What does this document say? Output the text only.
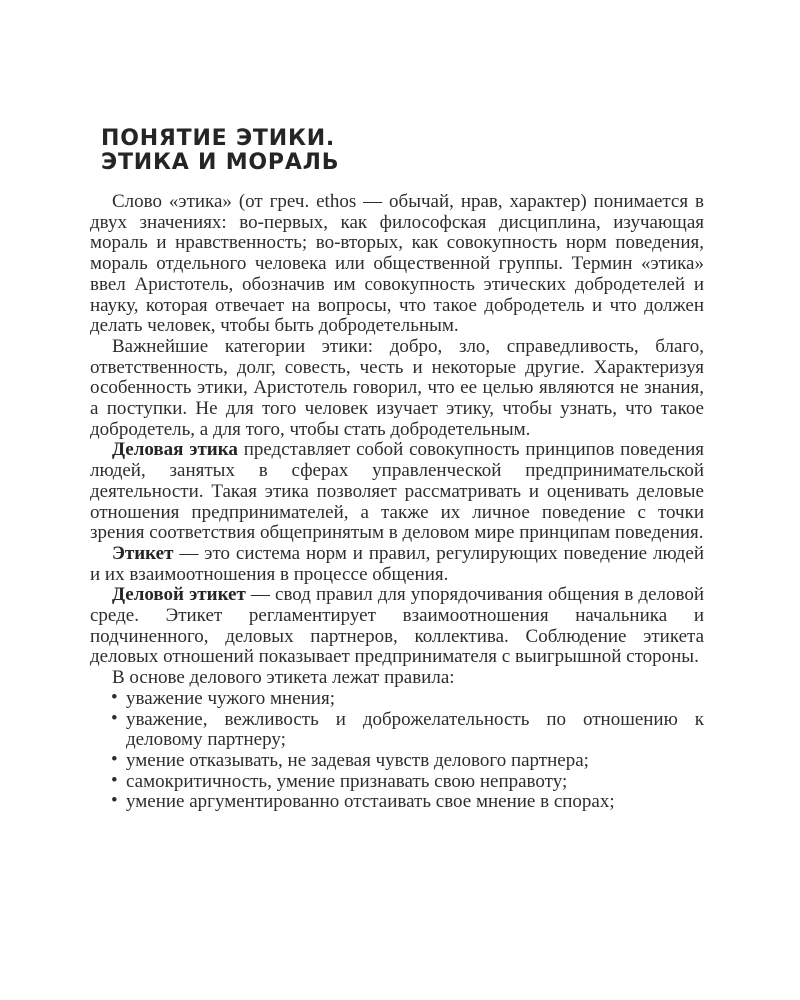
ПОНЯТИЕ ЭТИКИ.
ЭТИКА И МОРАЛЬ

Слово «этика» (от греч. ethos — обычай, нрав, характер) понимается в двух значениях: во-первых, как философская дисциплина, изучающая мораль и нравственность; во-вторых, как совокупность норм поведения, мораль отдельного человека или общественной группы. Термин «этика» ввел Аристотель, обозначив им совокупность этических добродетелей и науку, которая отвечает на вопросы, что такое добродетель и что должен делать человек, чтобы быть добродетельным.

Важнейшие категории этики: добро, зло, справедливость, благо, ответственность, долг, совесть, честь и некоторые другие. Характеризуя особенность этики, Аристотель говорил, что ее целью являются не знания, а поступки. Не для того человек изучает этику, чтобы узнать, что такое добродетель, а для того, чтобы стать добродетельным.

Деловая этика представляет собой совокупность принципов поведения людей, занятых в сферах управленческой предпринимательской деятельности. Такая этика позволяет рассматривать и оценивать деловые отношения предпринимателей, а также их личное поведение с точки зрения соответствия общепринятым в деловом мире принципам поведения.

Этикет — это система норм и правил, регулирующих поведение людей и их взаимоотношения в процессе общения.

Деловой этикет — свод правил для упорядочивания общения в деловой среде. Этикет регламентирует взаимоотношения начальника и подчиненного, деловых партнеров, коллектива. Соблюдение этикета деловых отношений показывает предпринимателя с выигрышной стороны.

В основе делового этикета лежат правила:

• уважение чужого мнения;
• уважение, вежливость и доброжелательность по отношению к деловому партнеру;
• умение отказывать, не задевая чувств делового партнера;
• самокритичность, умение признавать свою неправоту;
• умение аргументированно отстаивать свое мнение в спорах;
